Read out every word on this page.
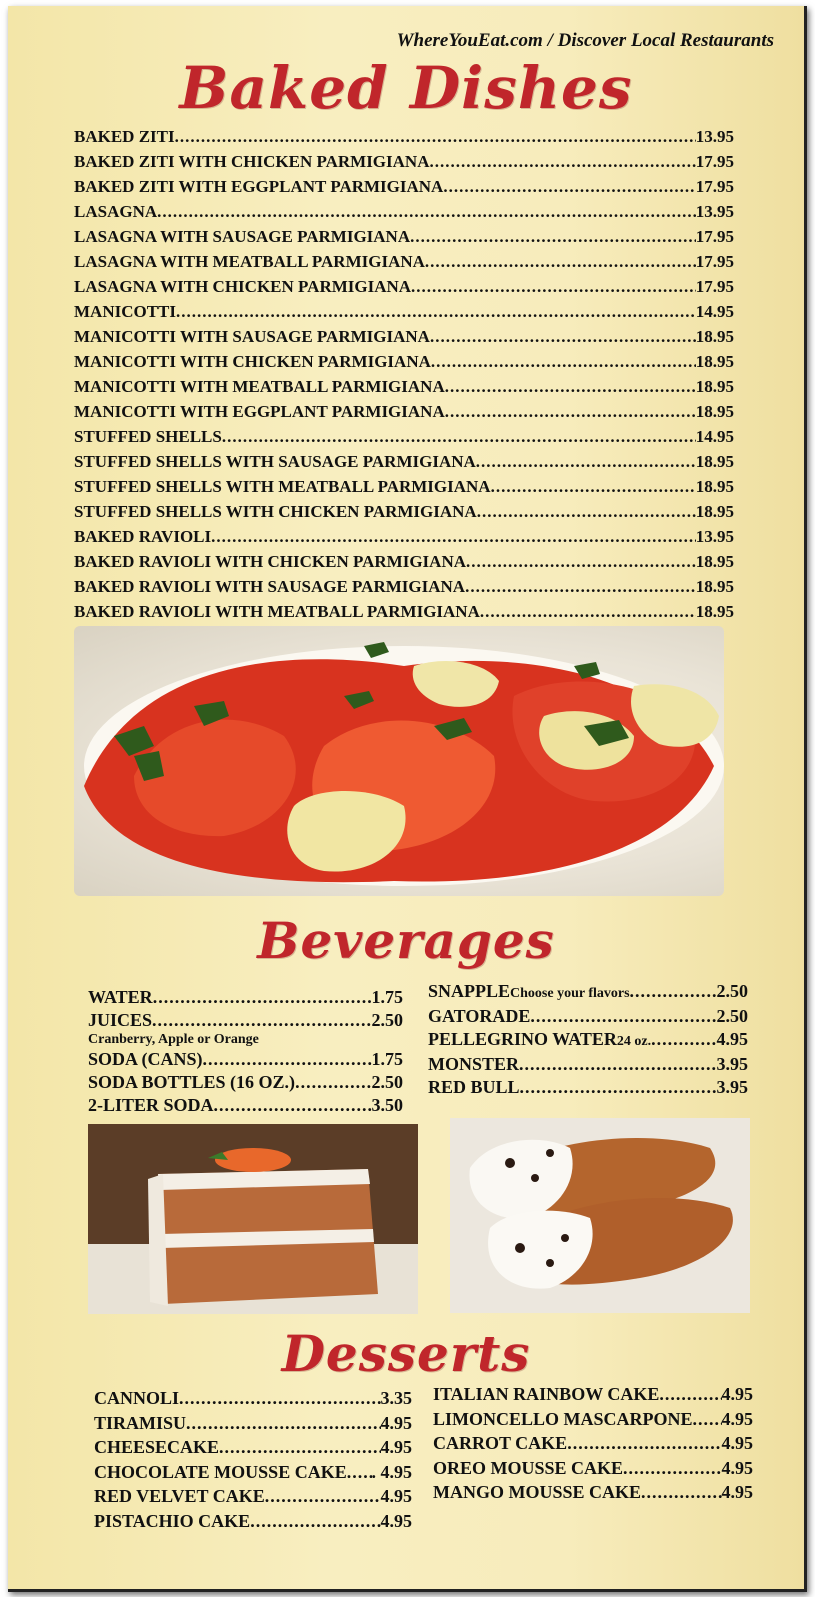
WhereYouEat.com / Discover Local Restaurants
Baked Dishes
BAKED ZITI .....	13.95
BAKED ZITI WITH CHICKEN PARMIGIANA .....	17.95
BAKED ZITI WITH EGGPLANT PARMIGIANA .....	17.95
LASAGNA .....	13.95
LASAGNA WITH SAUSAGE PARMIGIANA .....	17.95
LASAGNA WITH MEATBALL PARMIGIANA .....	17.95
LASAGNA WITH CHICKEN PARMIGIANA .....	17.95
MANICOTTI .....	14.95
MANICOTTI WITH SAUSAGE PARMIGIANA .....	18.95
MANICOTTI WITH CHICKEN PARMIGIANA .....	18.95
MANICOTTI WITH MEATBALL PARMIGIANA .....	18.95
MANICOTTI WITH EGGPLANT PARMIGIANA .....	18.95
STUFFED SHELLS .....	14.95
STUFFED SHELLS WITH SAUSAGE PARMIGIANA .....	18.95
STUFFED SHELLS WITH MEATBALL PARMIGIANA .....	18.95
STUFFED SHELLS WITH CHICKEN PARMIGIANA .....	18.95
BAKED RAVIOLI .....	13.95
BAKED RAVIOLI WITH CHICKEN PARMIGIANA .....	18.95
BAKED RAVIOLI WITH SAUSAGE PARMIGIANA .....	18.95
BAKED RAVIOLI WITH MEATBALL PARMIGIANA .....	18.95
Beverages
WATER .....	1.75
JUICES .....	2.50
Cranberry, Apple or Orange
SODA (CANS) .....	1.75
SODA BOTTLES (16 OZ.) .....	2.50
2-LITER SODA .....	3.50
SNAPPLE Choose your flavors .....	2.50
GATORADE .....	2.50
PELLEGRINO WATER 24 oz. .....	4.95
MONSTER .....	3.95
RED BULL .....	3.95
Desserts
CANNOLI .....	3.35
TIRAMISU .....	4.95
CHEESECAKE .....	4.95
CHOCOLATE MOUSSE CAKE ..... . 4.95
RED VELVET CAKE .....	4.95
PISTACHIO CAKE .....	4.95
ITALIAN RAINBOW CAKE .....	4.95
LIMONCELLO MASCARPONE ..... 4.95
CARROT CAKE .....	4.95
OREO MOUSSE CAKE .....	4.95
MANGO MOUSSE CAKE .....	4.95
